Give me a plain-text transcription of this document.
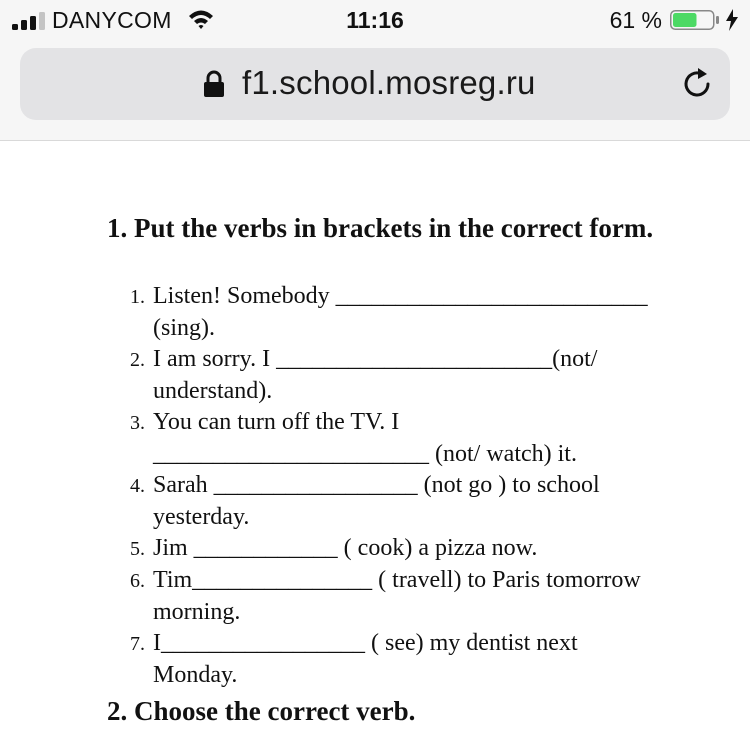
DANYCOM	11:16	61 %
f1.school.mosreg.ru
1. Put the verbs in brackets in the correct form.
1. Listen! Somebody __________________________
(sing).
2. I am sorry. I _______________________(not/
understand).
3. You can turn off the TV. I
_______________________ (not/ watch) it.
4. Sarah _________________ (not go ) to school
yesterday.
5. Jim ____________ ( cook) a pizza now.
6. Tim_______________ ( travell) to Paris tomorrow
morning.
7. I_________________ ( see) my dentist next
Monday.
2. Choose the correct verb.
